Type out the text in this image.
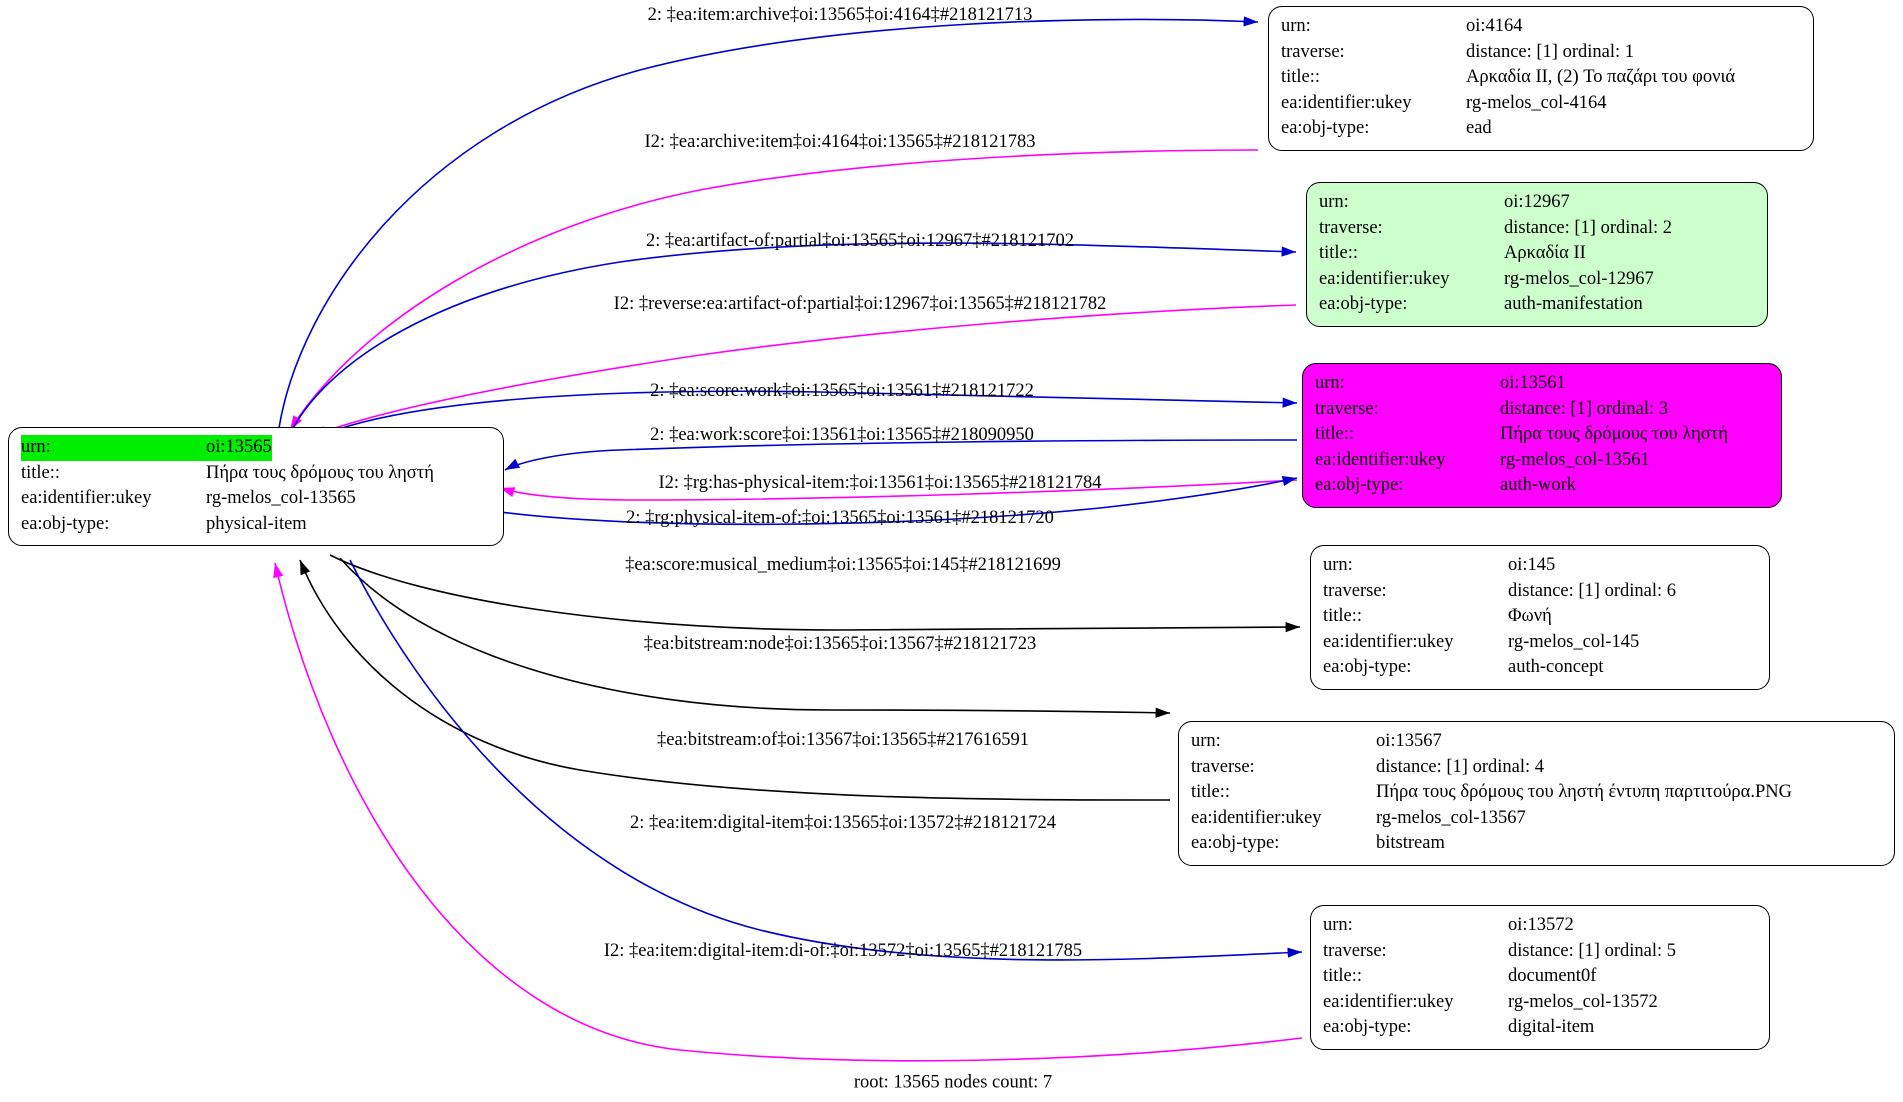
urn:	oi:13565
title::	Πήρα τους δρόμους του ληστή
ea:identifier:ukey	rg-melos_col-13565
ea:obj-type:	physical-item
urn:	oi:4164
traverse:	distance: [1] ordinal: 1
title::	Αρκαδία II, (2) Το παζάρι του φονιά
ea:identifier:ukey	rg-melos_col-4164
ea:obj-type:	ead
urn:	oi:12967
traverse:	distance: [1] ordinal: 2
title::	Αρκαδία II
ea:identifier:ukey	rg-melos_col-12967
ea:obj-type:	auth-manifestation
urn:	oi:13561
traverse:	distance: [1] ordinal: 3
title::	Πήρα τους δρόμους του ληστή
ea:identifier:ukey	rg-melos_col-13561
ea:obj-type:	auth-work
urn:	oi:145
traverse:	distance: [1] ordinal: 6
title::	Φωνή
ea:identifier:ukey	rg-melos_col-145
ea:obj-type:	auth-concept
urn:	oi:13567
traverse:	distance: [1] ordinal: 4
title::	Πήρα τους δρόμους του ληστή έντυπη παρτιτούρα.PNG
ea:identifier:ukey	rg-melos_col-13567
ea:obj-type:	bitstream
urn:	oi:13572
traverse:	distance: [1] ordinal: 5
title::	document0f
ea:identifier:ukey	rg-melos_col-13572
ea:obj-type:	digital-item
2: ‡ea:item:archive‡oi:13565‡oi:4164‡#218121713
I2: ‡ea:archive:item‡oi:4164‡oi:13565‡#218121783
2: ‡ea:artifact-of:partial‡oi:13565‡oi:12967‡#218121702
I2: ‡reverse:ea:artifact-of:partial‡oi:12967‡oi:13565‡#218121782
2: ‡ea:score:work‡oi:13565‡oi:13561‡#218121722
2: ‡ea:work:score‡oi:13561‡oi:13565‡#218090950
I2: ‡rg:has-physical-item:‡oi:13561‡oi:13565‡#218121784
2: ‡rg:physical-item-of:‡oi:13565‡oi:13561‡#218121720
‡ea:score:musical_medium‡oi:13565‡oi:145‡#218121699
‡ea:bitstream:node‡oi:13565‡oi:13567‡#218121723
‡ea:bitstream:of‡oi:13567‡oi:13565‡#217616591
2: ‡ea:item:digital-item‡oi:13565‡oi:13572‡#218121724
I2: ‡ea:item:digital-item:di-of:‡oi:13572‡oi:13565‡#218121785
root: 13565 nodes count: 7
